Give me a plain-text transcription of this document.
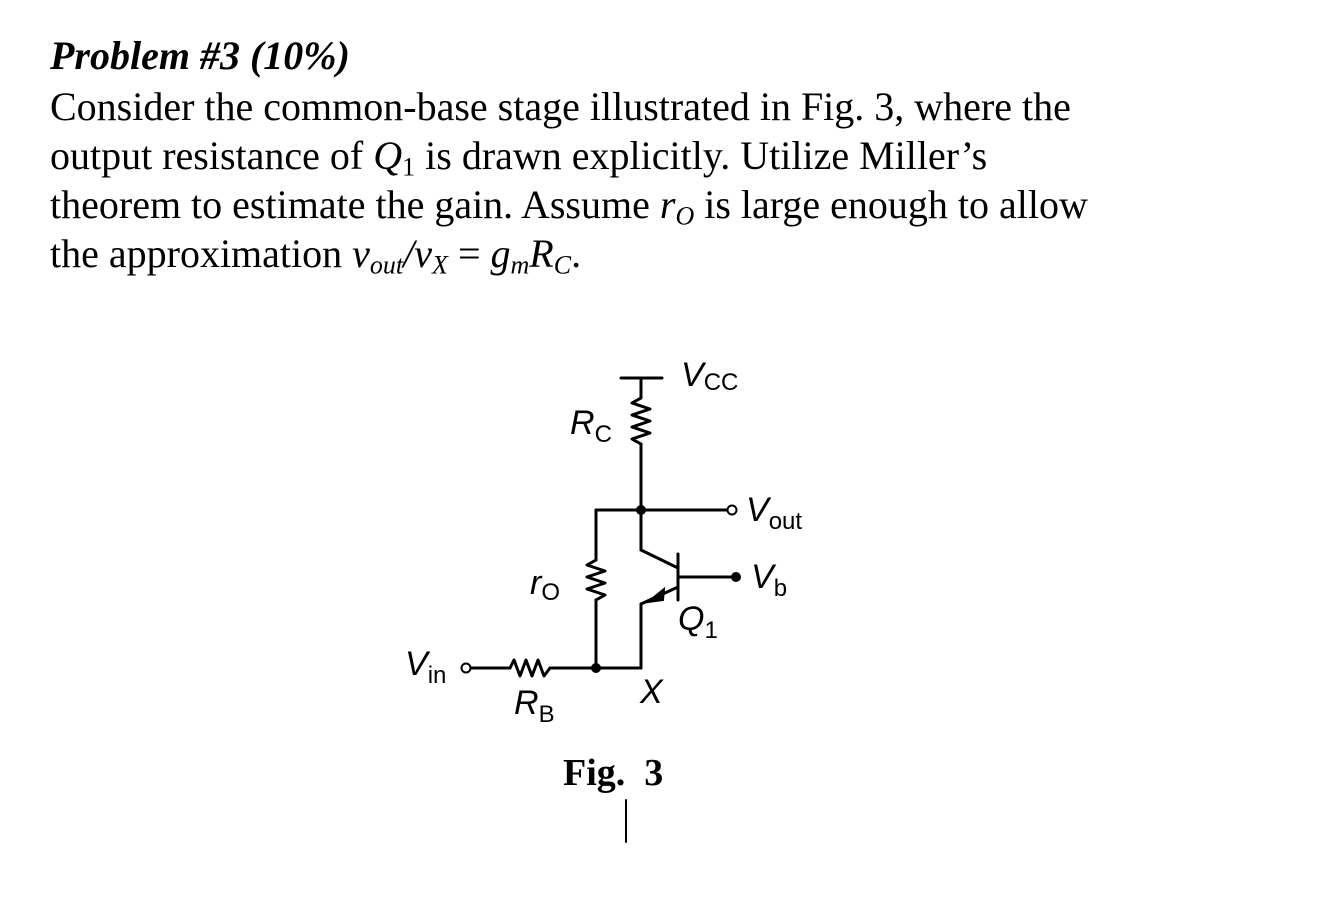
Problem #3 (10%)
Consider the common-base stage illustrated in Fig. 3, where the
output resistance of $Q_1$ is drawn explicitly. Utilize Miller’s
theorem to estimate the gain. Assume $r_O$ is large enough to allow
the approximation $v_{out}/v_X = g_mR_C$.
VCC
$R_C$
$V_{out}$
$V_b$
rO
$Q_1$
$V_{in}$
$R_B$
X
Fig.  3
